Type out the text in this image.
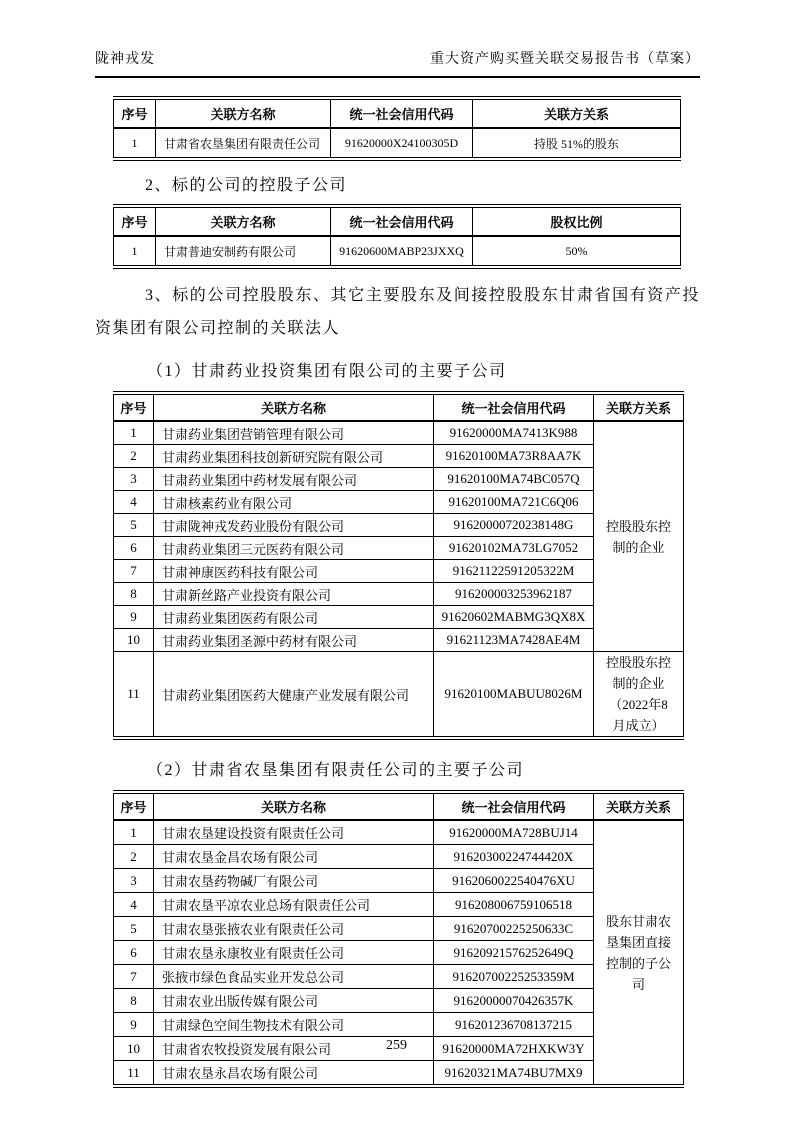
陇神戎发	重大资产购买暨关联交易报告书（草案）
序号	关联方名称	统一社会信用代码	关联方关系
1	甘肃省农垦集团有限责任公司	91620000X24100305D	持股 51%的股东
2、标的公司的控股子公司
序号	关联方名称	统一社会信用代码	股权比例
1	甘肃普迪安制药有限公司	91620600MABP23JXXQ	50%
3、标的公司控股股东、其它主要股东及间接控股股东甘肃省国有资产投资集团有限公司控制的关联法人
（1）甘肃药业投资集团有限公司的主要子公司
序号	关联方名称	统一社会信用代码	关联方关系
1	甘肃药业集团营销管理有限公司	91620000MA7413K988	控股股东控制的企业
2	甘肃药业集团科技创新研究院有限公司	91620100MA73R8AA7K	
3	甘肃药业集团中药材发展有限公司	91620100MA74BC057Q	
4	甘肃核素药业有限公司	91620100MA721C6Q06	
5	甘肃陇神戎发药业股份有限公司	91620000720238148G	
6	甘肃药业集团三元医药有限公司	91620102MA73LG7052	
7	甘肃神康医药科技有限公司	91621122591205322M	
8	甘肃新丝路产业投资有限公司	916200003253962187	
9	甘肃药业集团医药有限公司	91620602MABMG3QX8X	
10	甘肃药业集团圣源中药材有限公司	91621123MA7428AE4M	
11	甘肃药业集团医药大健康产业发展有限公司	91620100MABUU8026M	控股股东控制的企业（2022年8月成立）
（2）甘肃省农垦集团有限责任公司的主要子公司
序号	关联方名称	统一社会信用代码	关联方关系
1	甘肃农垦建设投资有限责任公司	91620000MA728BUJ14	股东甘肃农垦集团直接控制的子公司
2	甘肃农垦金昌农场有限公司	91620300224744420X	
3	甘肃农垦药物碱厂有限公司	9162060022540476XU	
4	甘肃农垦平凉农业总场有限责任公司	916208006759106518	
5	甘肃农垦张掖农业有限责任公司	91620700225250633C	
6	甘肃农垦永康牧业有限责任公司	91620921576252649Q	
7	张掖市绿色食品实业开发总公司	91620700225253359M	
8	甘肃农业出版传媒有限公司	91620000070426357K	
9	甘肃绿色空间生物技术有限公司	916201236708137215	
10	甘肃省农牧投资发展有限公司	91620000MA72HXKW3Y	
11	甘肃农垦永昌农场有限公司	91620321MA74BU7MX9	
259
